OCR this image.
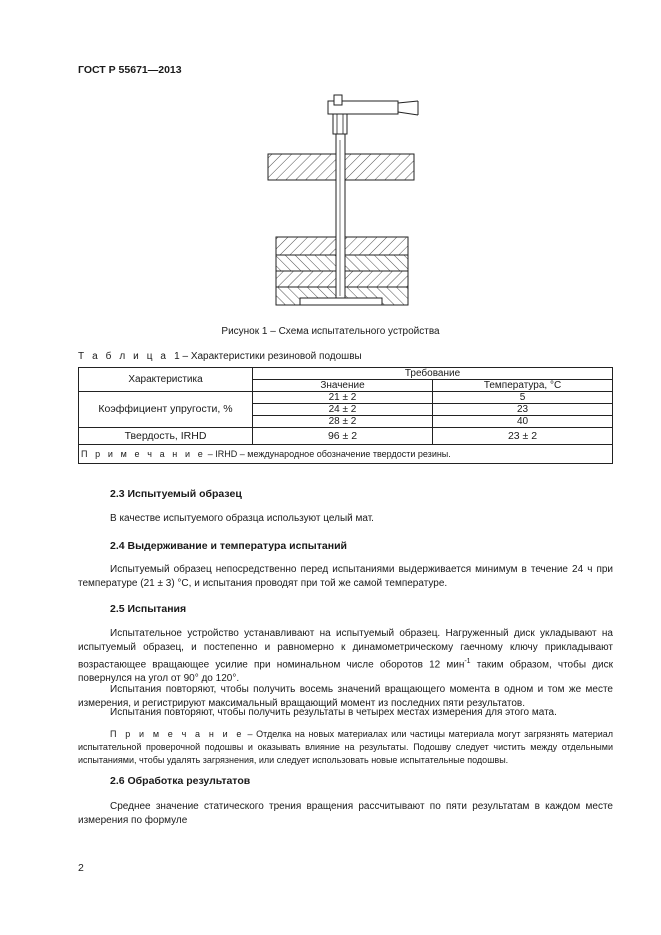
ГОСТ Р 55671—2013
Рисунок 1 – Схема испытательного устройства
Т а б л и ц а 1 – Характеристики резиновой подошвы
Характеристика	Требование	
	Значение	Температура, °С
Коэффициент упругости, %	21 ± 2	5
	24 ± 2	23
	28 ± 2	40
Твердость, IRHD	96 ± 2	23 ± 2
П р и м е ч а н и е – IRHD – международное обозначение твердости резины.		
2.3 Испытуемый образец
В качестве испытуемого образца используют целый мат.
2.4 Выдерживание и температура испытаний
Испытуемый образец непосредственно перед испытаниями выдерживается минимум в течение 24 ч при температуре (21 ± 3) °С, и испытания проводят при той же самой температуре.
2.5 Испытания
Испытательное устройство устанавливают на испытуемый образец. Нагруженный диск укладывают на испытуемый образец, и постепенно и равномерно к динамометрическому гаечному ключу прикладывают возрастающее вращающее усилие при номинальном числе оборотов 12 мин$^{-1}$ таким образом, чтобы диск повернулся на угол от 90° до 120°.
Испытания повторяют, чтобы получить восемь значений вращающего момента в одном и том же месте измерения, и регистрируют максимальный вращающий момент из последних пяти результатов.
Испытания повторяют, чтобы получить результаты в четырех местах измерения для этого мата.
П р и м е ч а н и е – Отделка на новых материалах или частицы материала могут загрязнять материал испытательной проверочной подошвы и оказывать влияние на результаты. Подошву следует чистить между отдельными испытаниями, чтобы удалять загрязнения, или следует использовать новые испытательные подошвы.
2.6 Обработка результатов
Среднее значение статического трения вращения рассчитывают по пяти результатам в каждом месте измерения по формуле
2
